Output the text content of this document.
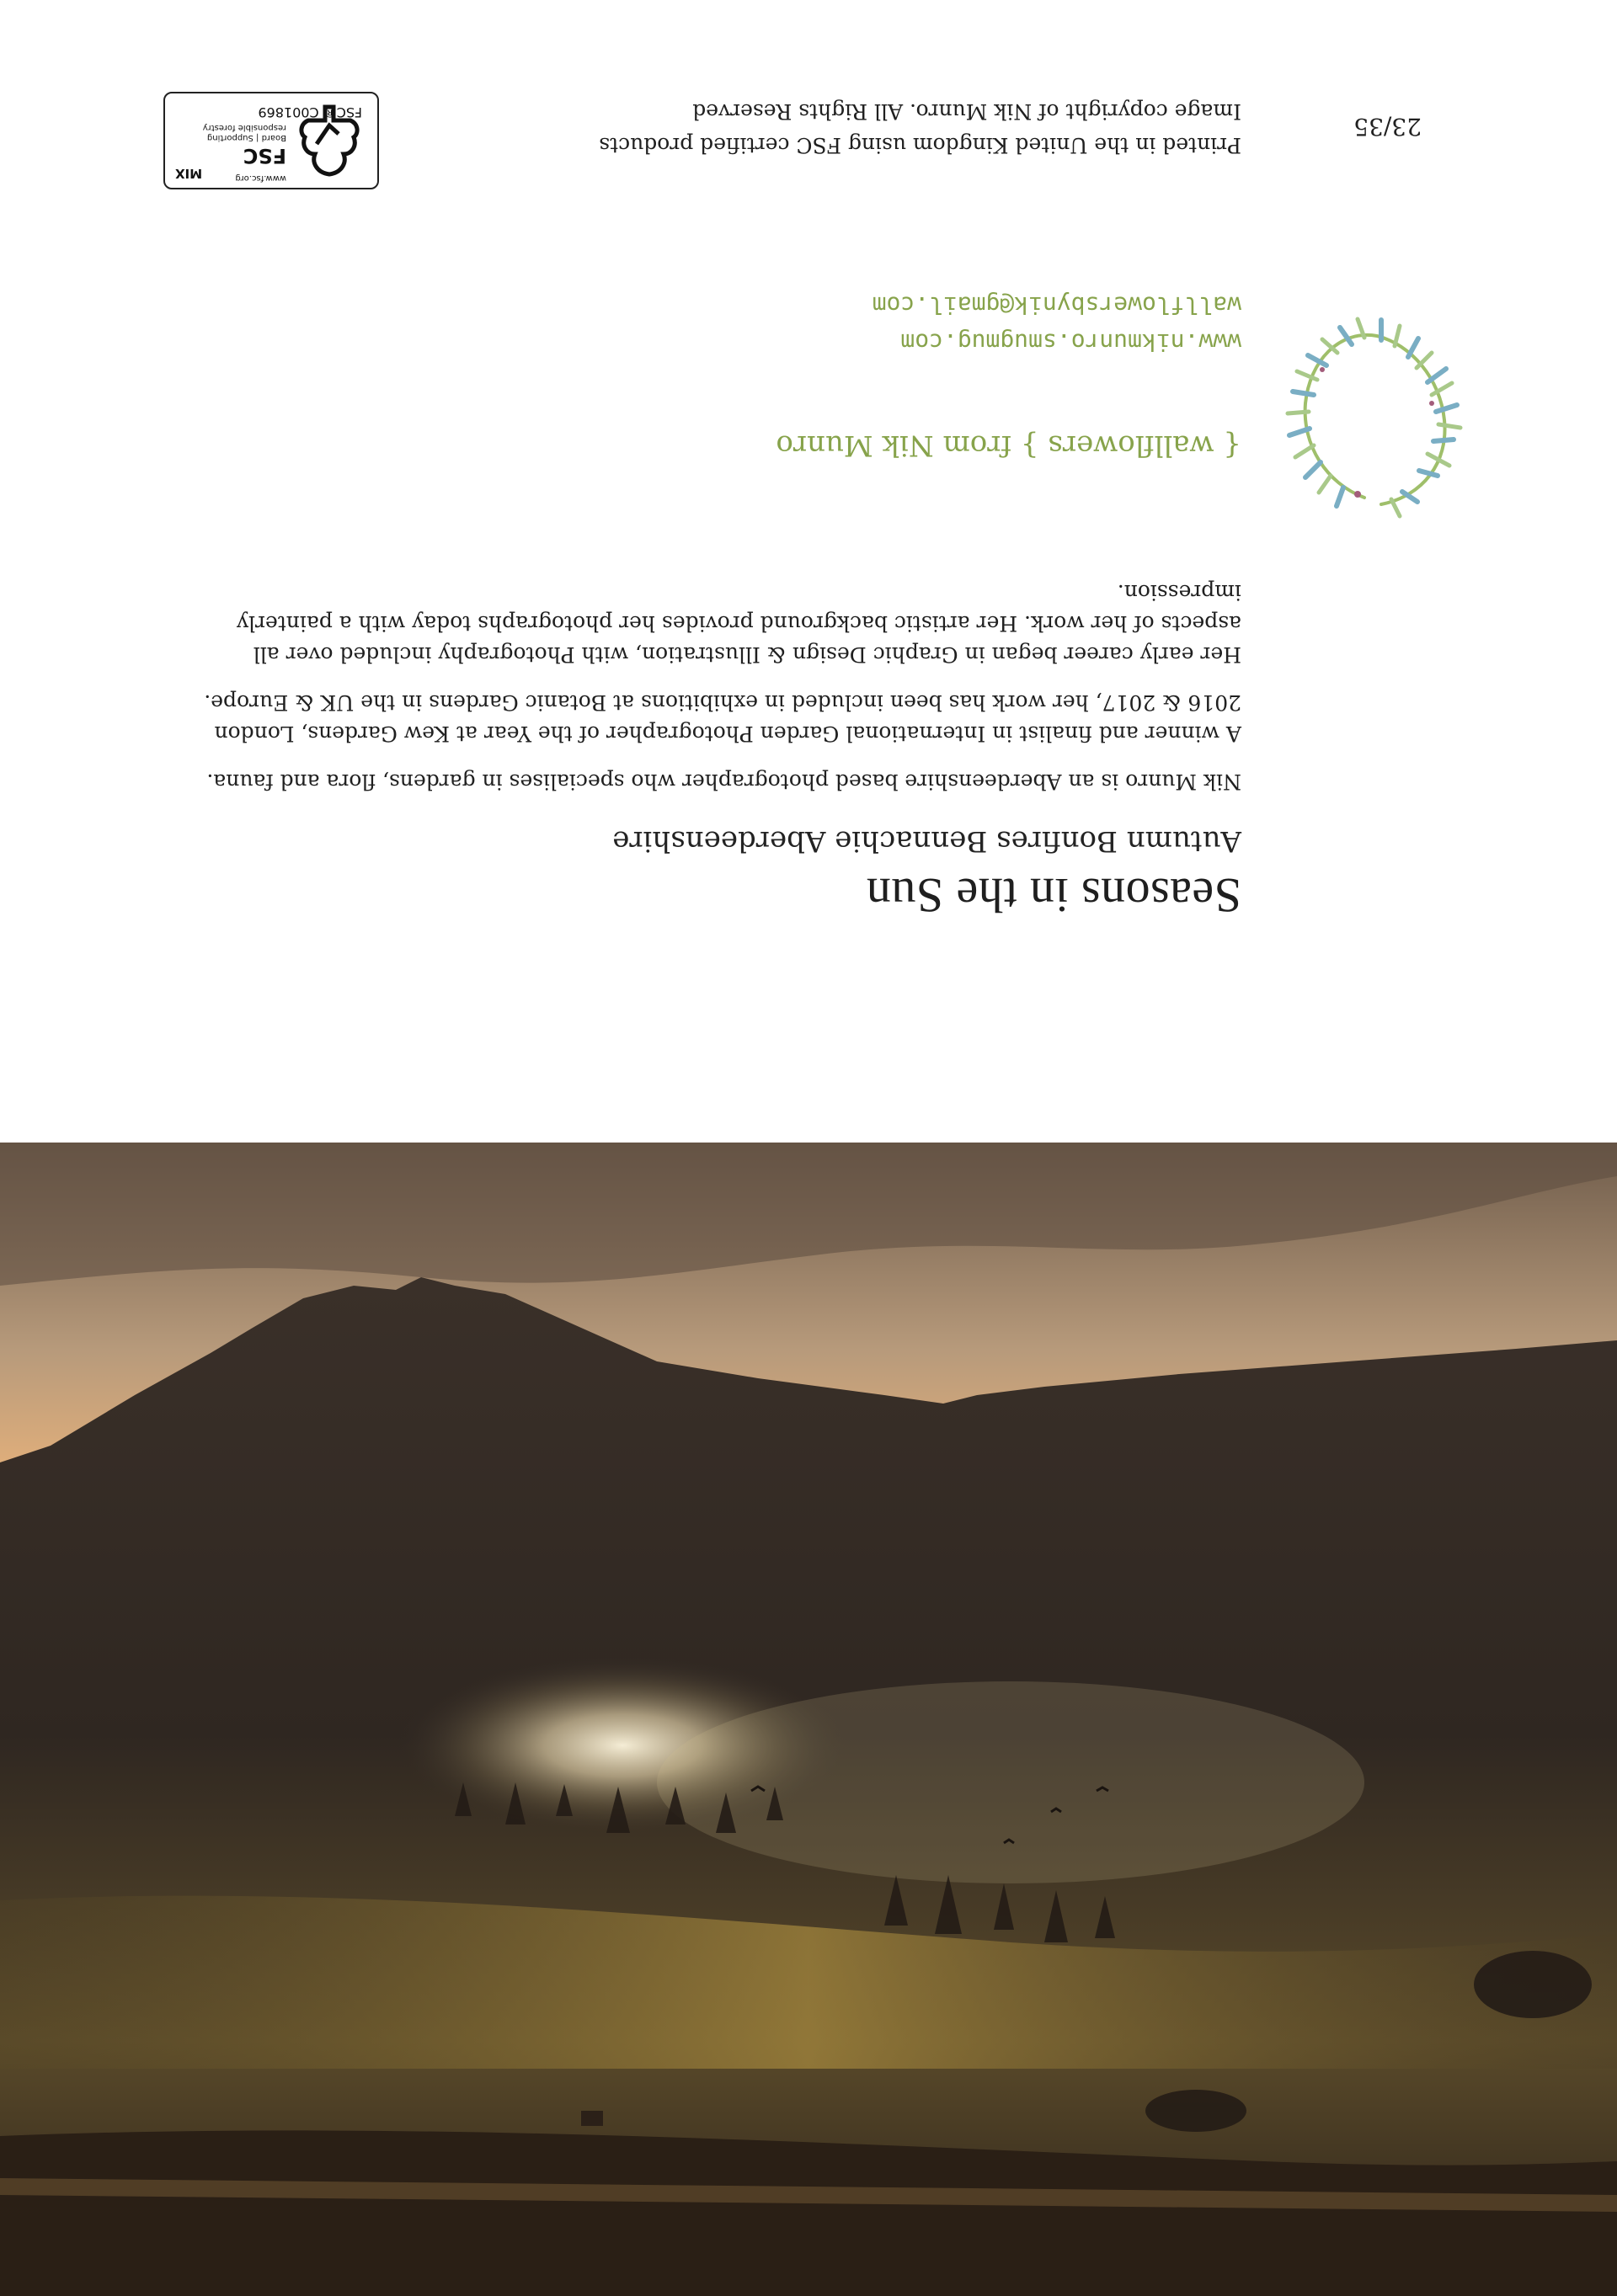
Seasons in the Sun
Autumn Bonfires Bennachie Aberdeenshire

Nik Munro is an Aberdeenshire based photographer who specialises in gardens, flora and fauna.

A winner and finalist in International Garden Photographer of the Year at Kew Gardens, London 2016 & 2017, her work has been included in exhibitions at Botanic Gardens in the UK & Europe.

Her early career began in Graphic Design & Illustration, with Photography included over all aspects of her work. Her artistic background provides her photographs today with a painterly impression.

{ wallflowers } from Nik Munro
www.nikmunro.smugmug.com
wallflowersbynik@gmail.com
Printed in the United Kingdom using FSC certified products
Image copyright of Nik Munro. All Rights Reserved
23/35
www.fsc.org
FSC
Board | Supporting
responsible forestry
FSC® C001869
MIX
